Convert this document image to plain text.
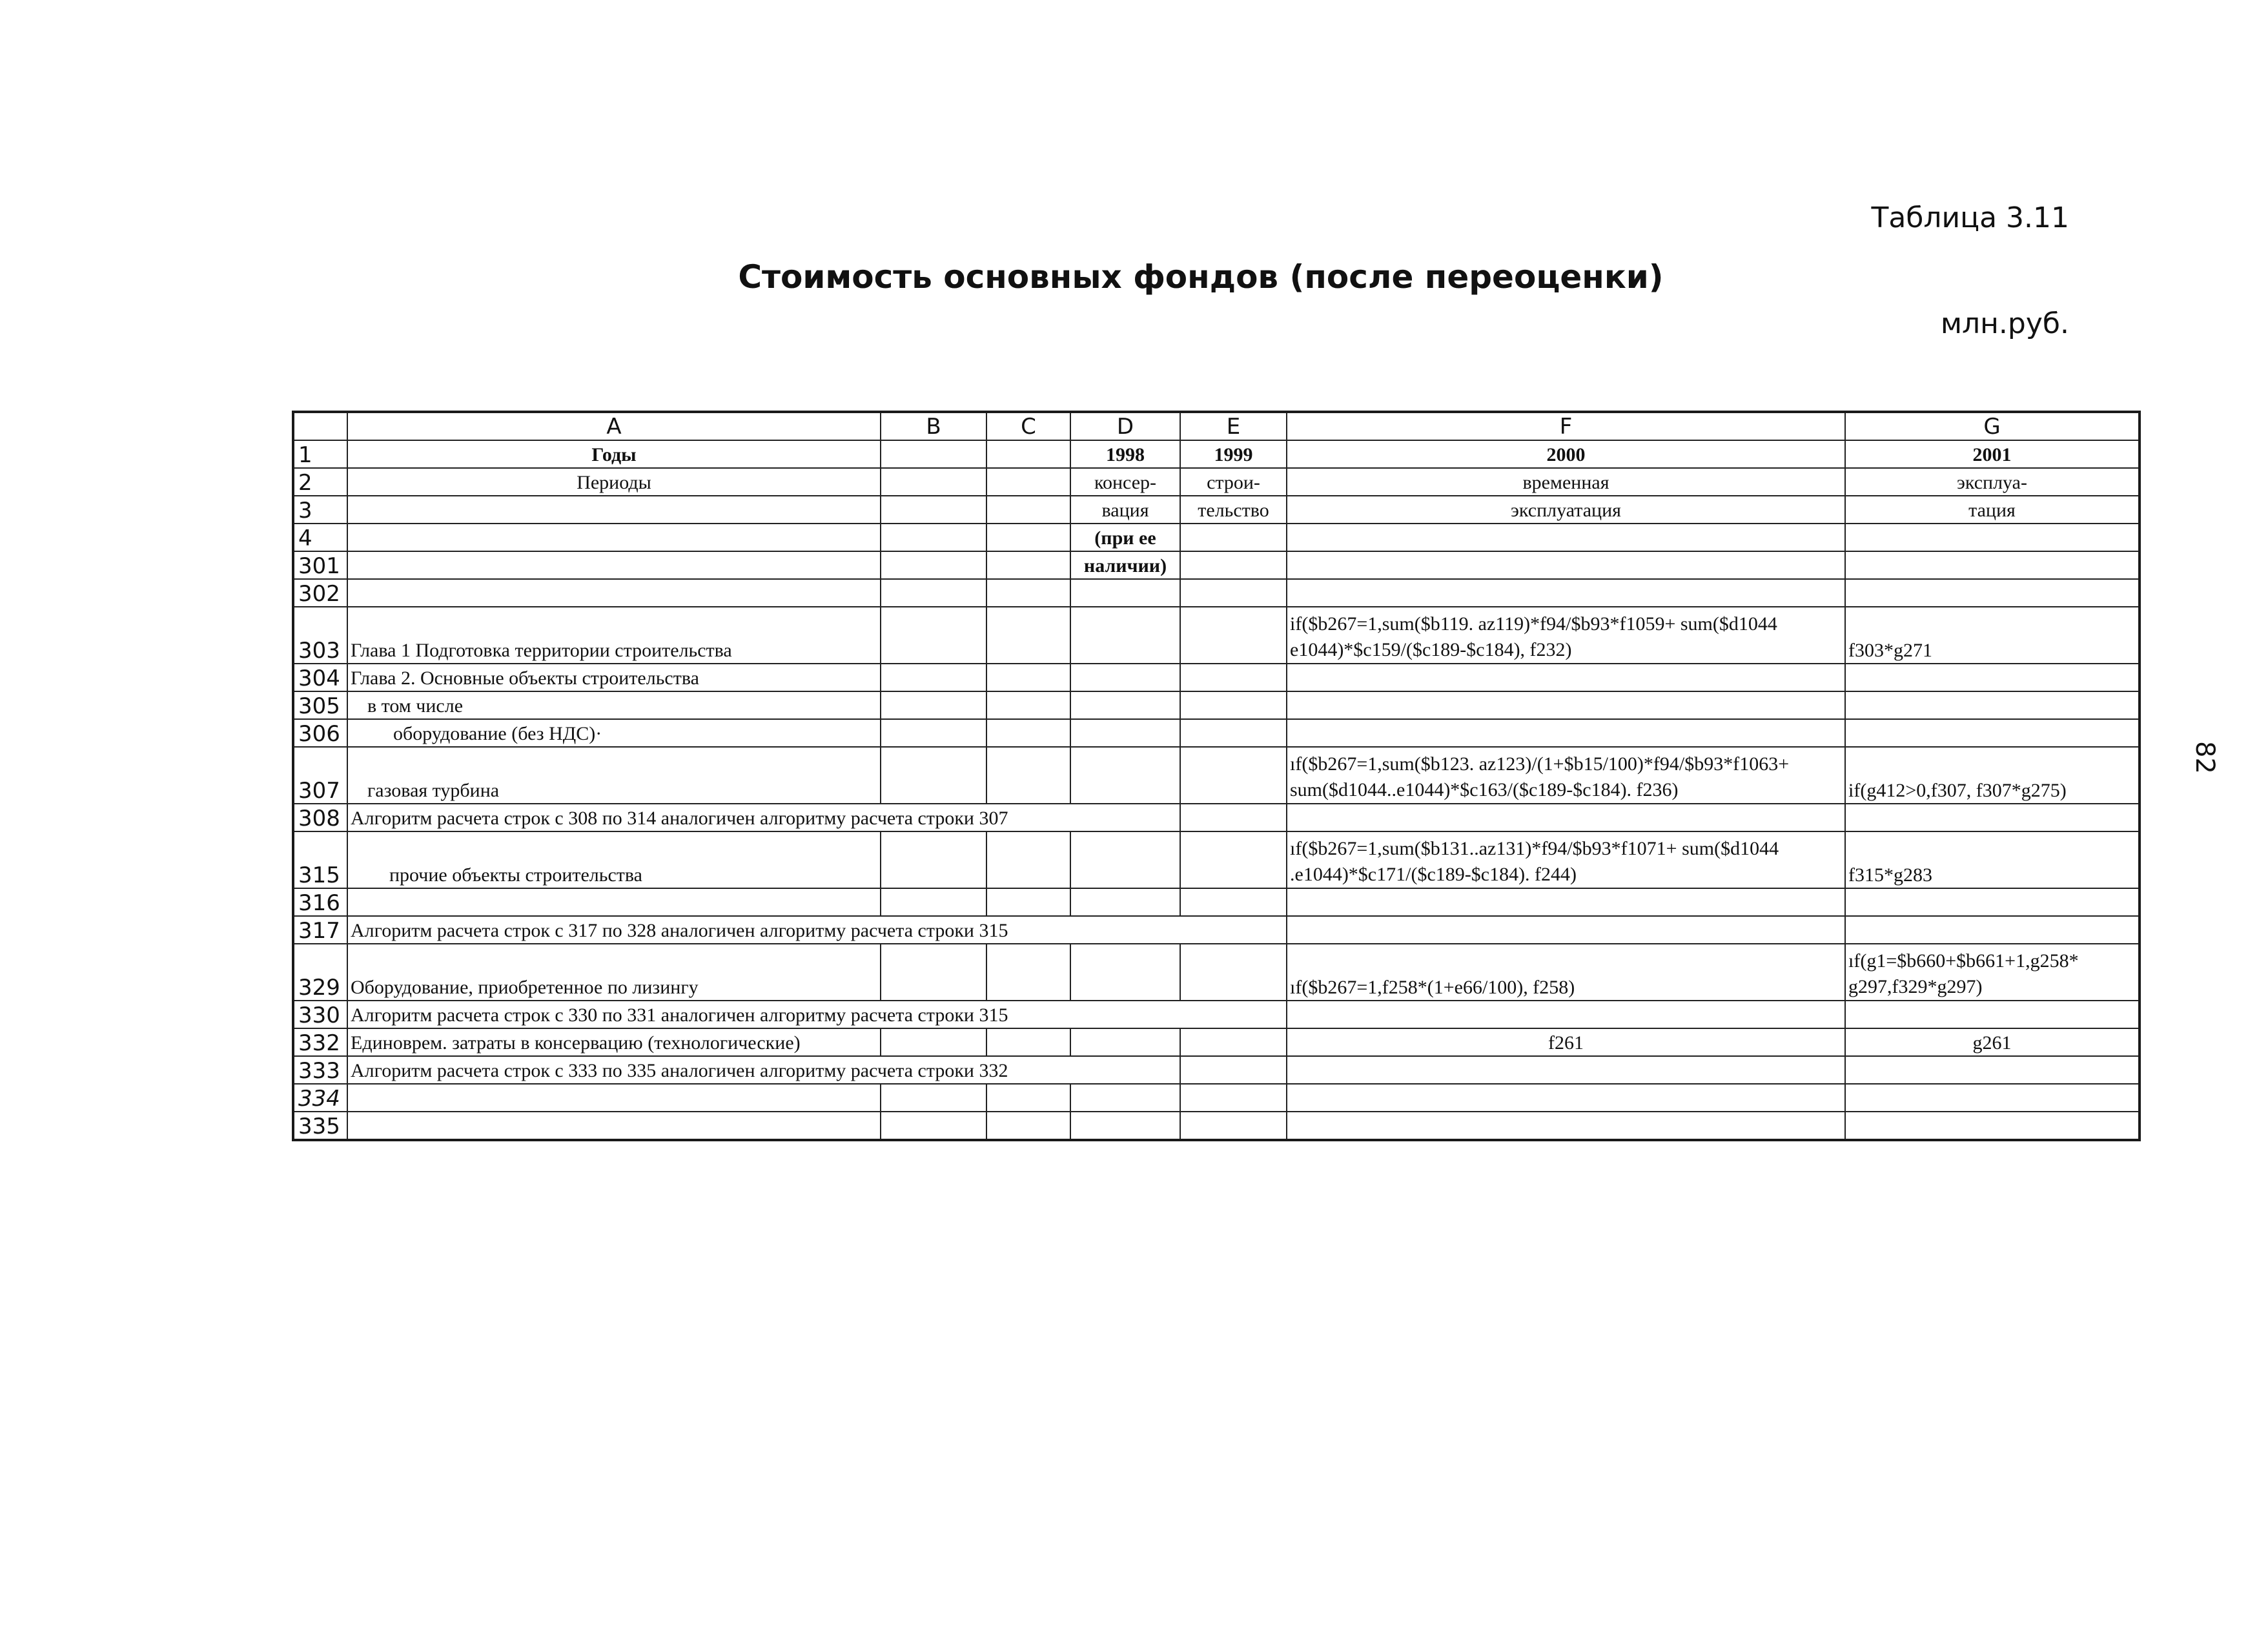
Таблица 3.11
Стоимость основных фондов (после переоценки)
млн.руб.
82
	A	B	C	D	E	F	G
1	Годы			1998	1999	2000	2001
2	Периоды			консер-	строи-	временная	эксплуа-
3				вация	тельство	эксплуатация	тация
4				(при ее			
301				наличии)			
302							
303	Глава 1 Подготовка территории строительства					if($b267=1,sum($b119. az119)*f94/$b93*f1059+ sum($d1044 e1044)*$c159/($c189-$c184), f232)	f303*g271
304	Глава 2. Основные объекты строительства						
305	в том числе						
306	оборудование (без НДС)·						
307	газовая турбина					ıf($b267=1,sum($b123. az123)/(1+$b15/100)*f94/$b93*f1063+ sum($d1044..e1044)*$c163/($c189-$c184). f236)	if(g412>0,f307, f307*g275)
308	Алгоритм расчета строк с 308 по 314 аналогичен алгоритму расчета строки 307						
315	прочие объекты строительства					ıf($b267=1,sum($b131..az131)*f94/$b93*f1071+ sum($d1044 .e1044)*$c171/($c189-$c184). f244)	f315*g283
316							
317	Алгоритм расчета строк с 317 по 328 аналогичен алгоритму расчета строки 315						
329	Оборудование, приобретенное по лизингу					ıf($b267=1,f258*(1+e66/100), f258)	ıf(g1=$b660+$b661+1,g258* g297,f329*g297)
330	Алгоритм расчета строк с 330 по 331 аналогичен алгоритму расчета строки 315						
332	Единоврем. затраты в консервацию (технологические)					f261	g261
333	Алгоритм расчета строк с 333 по 335 аналогичен алгоритму расчета строки 332						
334							
335							
